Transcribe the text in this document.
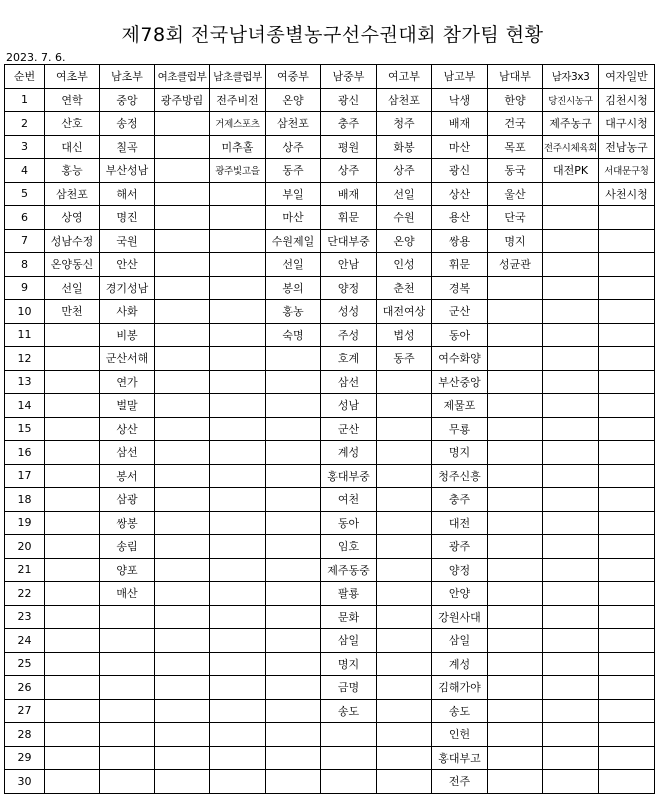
제78회 전국남녀종별농구선수권대회 참가팀 현황
2023. 7. 6.
순번	여초부	남초부	여초클럽부	남초클럽부	여중부	남중부	여고부	남고부	남대부	남자3x3	여자일반
1	연학	중앙	광주방림	전주비전	온양	광신	삼천포	낙생	한양	당진시농구	김천시청
2	산호	송정		거제스포츠	삼천포	충주	청주	배재	건국	제주농구	대구시청
3	대신	칠곡		미추홀	상주	평원	화봉	마산	목포	전주시체육회	전남농구
4	홍능	부산성남		광주빛고을	동주	상주	상주	광신	동국	대전PK	서대문구청
5	삼천포	해서			부일	배재	선일	상산	울산		사천시청
6	상영	명진			마산	휘문	수원	용산	단국		
7	성남수정	국원			수원제일	단대부중	온양	쌍용	명지		
8	온양동신	안산			선일	안남	인성	휘문	성균관		
9	선일	경기성남			봉의	양정	춘천	경복			
10	만천	사화			홍농	성성	대전여상	군산			
11		비봉			숙명	주성	법성	동아			
12		군산서해				호계	동주	여수화양			
13		연가				삼선		부산중앙			
14		벌말				성남		제물포			
15		상산				군산		무룡			
16		삼선				계성		명지			
17		봉서				홍대부중		청주신흥			
18		삼광				여천		충주			
19		쌍봉				동아		대전			
20		송림				임호		광주			
21		양포				제주동중		양정			
22		매산				팔룡		안양			
23						문화		강원사대			
24						삼일		삼일			
25						명지		계성			
26						금명		김해가야			
27						송도		송도			
28								인헌			
29								홍대부고			
30								전주			
